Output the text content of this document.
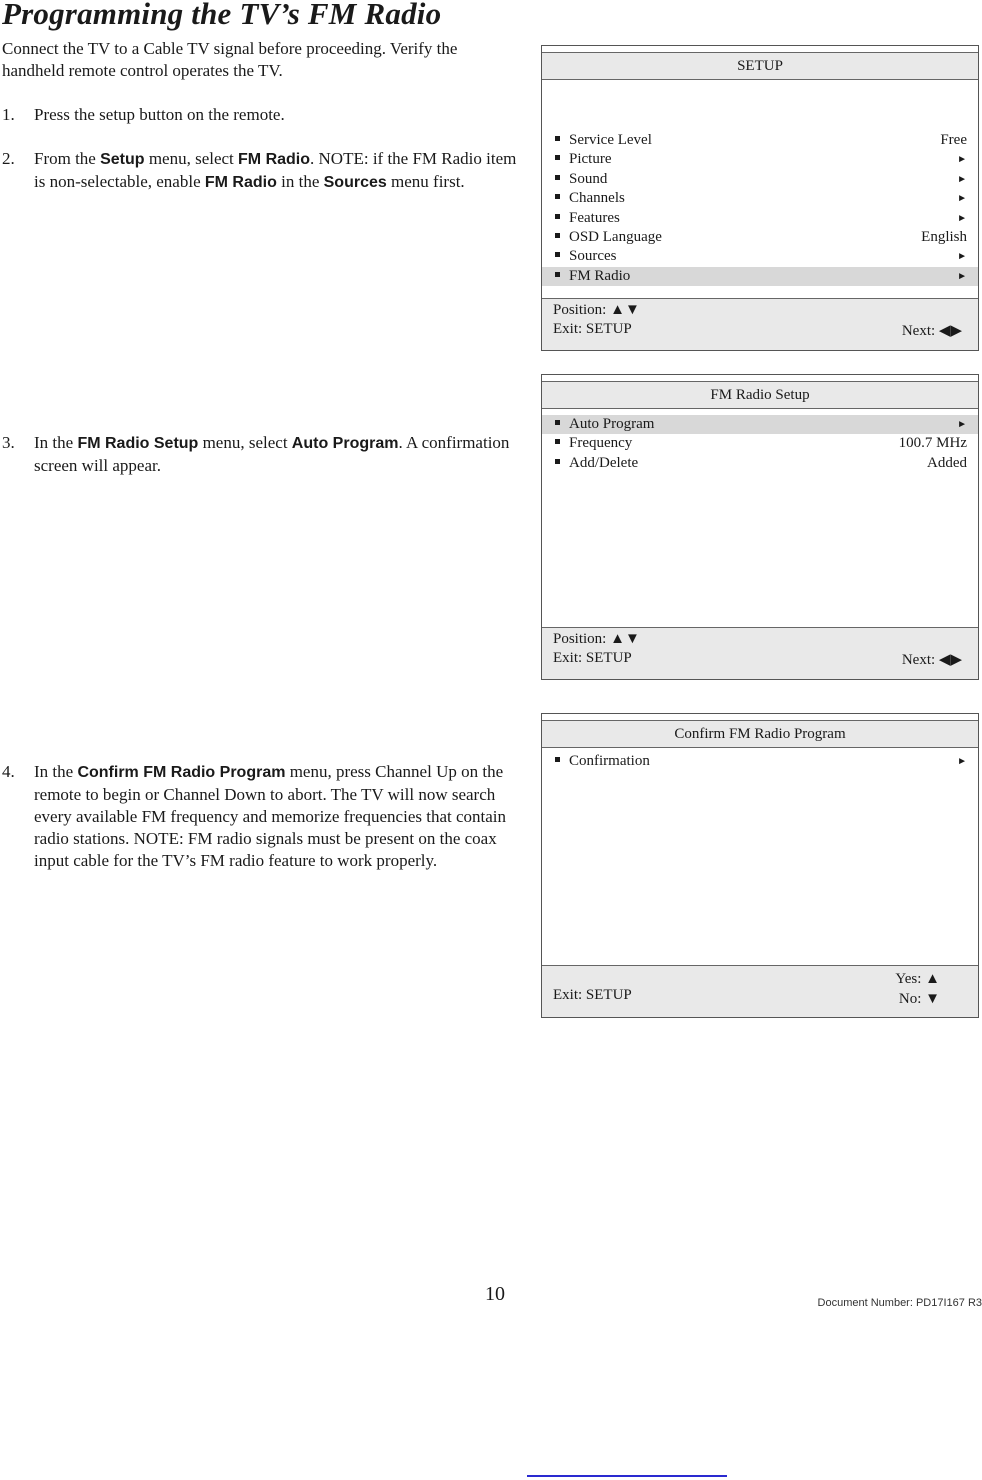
Programming the TV’s FM Radio

Connect the TV to a Cable TV signal before proceeding. Verify the handheld remote control operates the TV.

1. Press the setup button on the remote.
2. From the Setup menu, select FM Radio. NOTE: if the FM Radio item is non-selectable, enable FM Radio in the Sources menu first.
3. In the FM Radio Setup menu, select Auto Program. A confirmation screen will appear.
4. In the Confirm FM Radio Program menu, press Channel Up on the remote to begin or Channel Down to abort. The TV will now search every available FM frequency and memorize frequencies that contain radio stations. NOTE: FM radio signals must be present on the coax input cable for the TV’s FM radio feature to work properly.
SETUP
Service Level	Free
Picture	►
Sound	►
Channels	►
Features	►
OSD Language	English
Sources	►
FM Radio	►
Position: ▲▼
Exit: SETUP	Next: ◀▶
FM Radio Setup
Auto Program	►
Frequency	100.7 MHz
Add/Delete	Added
Position: ▲▼
Exit: SETUP	Next: ◀▶
Confirm FM Radio Program
Confirmation	►
Exit: SETUP
Yes: ▲
No: ▼
10	Document Number: PD17I167 R3
